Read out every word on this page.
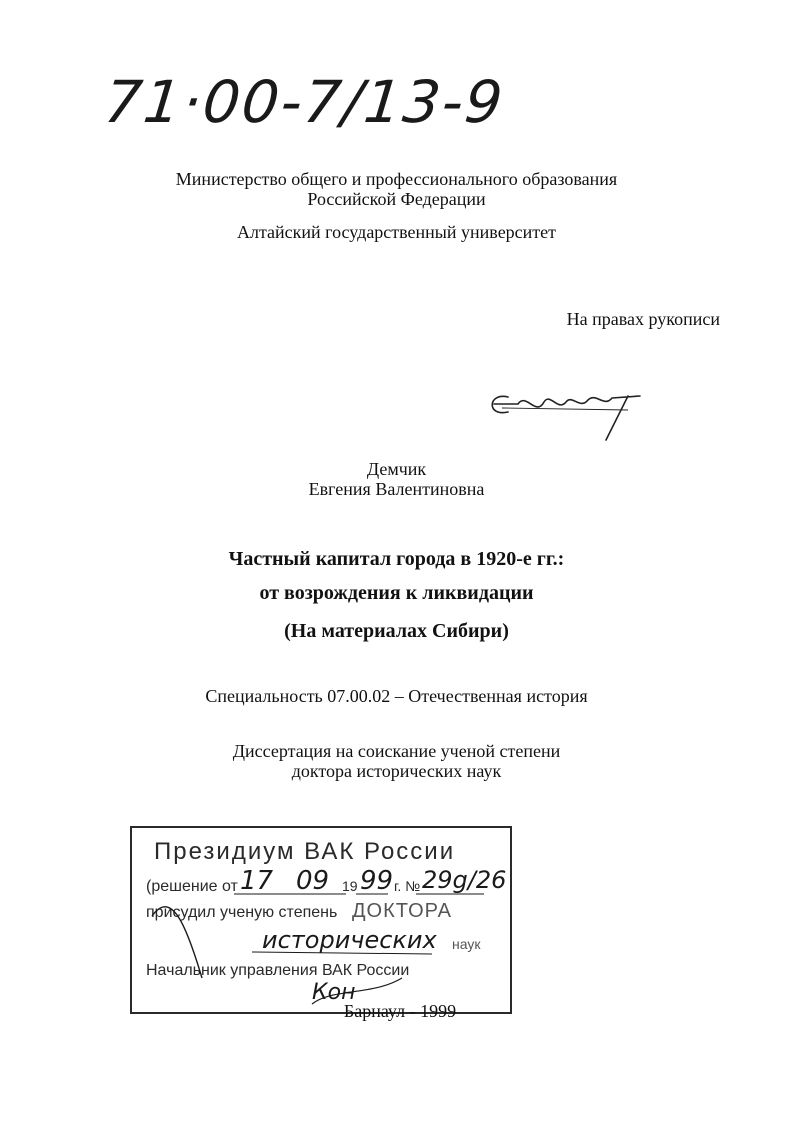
71·00-7/13-9
Министерство общего и профессионального образования
Российской Федерации
Алтайский государственный университет
На правах рукописи
Демчик
Евгения Валентиновна
Частный капитал города в 1920-е гг.:
от возрождения к ликвидации
(На материалах Сибири)
Специальность 07.00.02 – Отечественная история
Диссертация на соискание ученой степени
доктора исторических наук
Президиум ВАК России
(решение от 17 09 19 99 г. № 29g/26
присудил ученую степень ДОКТОРА
исторических наук
Начальник управления ВАК России
Кон
Барнаул - 1999
